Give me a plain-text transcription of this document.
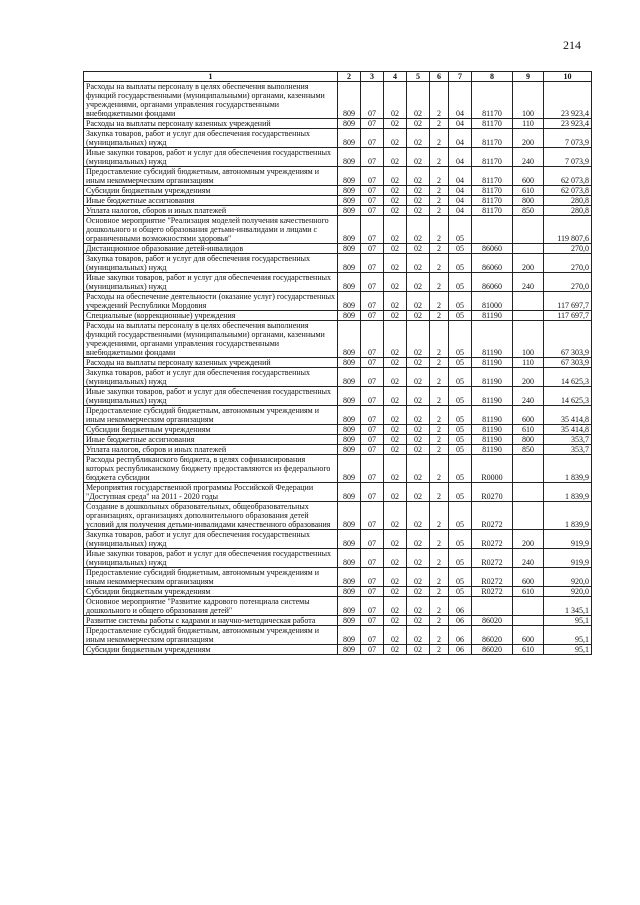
214
1	2	3	4	5	6	7	8	9	10
Расходы на выплаты персоналу в целях обеспечения выполнения функций государственными (муниципальными) органами, казенными учреждениями, органами управления государственными внебюджетными фондами	809	07	02	02	2	04	81170	100	23 923,4
Расходы на выплаты персоналу казенных учреждений	809	07	02	02	2	04	81170	110	23 923,4
Закупка товаров, работ и услуг для обеспечения государственных (муниципальных) нужд	809	07	02	02	2	04	81170	200	7 073,9
Иные закупки товаров, работ и услуг для обеспечения государственных (муниципальных) нужд	809	07	02	02	2	04	81170	240	7 073,9
Предоставление субсидий бюджетным, автономным учреждениям и иным некоммерческим организациям	809	07	02	02	2	04	81170	600	62 073,8
Субсидии бюджетным учреждениям	809	07	02	02	2	04	81170	610	62 073,8
Иные бюджетные ассигнования	809	07	02	02	2	04	81170	800	280,8
Уплата налогов, сборов и иных платежей	809	07	02	02	2	04	81170	850	280,8
Основное мероприятие "Реализация моделей получения качественного дошкольного и общего образования детьми-инвалидами и лицами с ограниченными возможностями здоровья"	809	07	02	02	2	05			119 807,6
Дистанционное образование детей-инвалидов	809	07	02	02	2	05	86060		270,0
Закупка товаров, работ и услуг для обеспечения государственных (муниципальных) нужд	809	07	02	02	2	05	86060	200	270,0
Иные закупки товаров, работ и услуг для обеспечения государственных (муниципальных) нужд	809	07	02	02	2	05	86060	240	270,0
Расходы на обеспечение деятельности (оказание услуг) государственных учреждений Республики Мордовия	809	07	02	02	2	05	81000		117 697,7
Специальные (коррекционные) учреждения	809	07	02	02	2	05	81190		117 697,7
Расходы на выплаты персоналу в целях обеспечения выполнения функций государственными (муниципальными) органами, казенными учреждениями, органами управления государственными внебюджетными фондами	809	07	02	02	2	05	81190	100	67 303,9
Расходы на выплаты персоналу казенных учреждений	809	07	02	02	2	05	81190	110	67 303,9
Закупка товаров, работ и услуг для обеспечения государственных (муниципальных) нужд	809	07	02	02	2	05	81190	200	14 625,3
Иные закупки товаров, работ и услуг для обеспечения государственных (муниципальных) нужд	809	07	02	02	2	05	81190	240	14 625,3
Предоставление субсидий бюджетным, автономным учреждениям и иным некоммерческим организациям	809	07	02	02	2	05	81190	600	35 414,8
Субсидии бюджетным учреждениям	809	07	02	02	2	05	81190	610	35 414,8
Иные бюджетные ассигнования	809	07	02	02	2	05	81190	800	353,7
Уплата налогов, сборов и иных платежей	809	07	02	02	2	05	81190	850	353,7
Расходы республиканского бюджета, в целях софинансирования которых республиканскому бюджету предоставляются из федерального бюджета субсидии	809	07	02	02	2	05	R0000		1 839,9
Мероприятия государственной программы Российской Федерации "Доступная среда" на 2011 - 2020 годы	809	07	02	02	2	05	R0270		1 839,9
Создание в дошкольных образовательных, общеобразовательных организациях, организациях дополнительного образования детей условий для получения детьми-инвалидами качественного образования	809	07	02	02	2	05	R0272		1 839,9
Закупка товаров, работ и услуг для обеспечения государственных (муниципальных) нужд	809	07	02	02	2	05	R0272	200	919,9
Иные закупки товаров, работ и услуг для обеспечения государственных (муниципальных) нужд	809	07	02	02	2	05	R0272	240	919,9
Предоставление субсидий бюджетным, автономным учреждениям и иным некоммерческим организациям	809	07	02	02	2	05	R0272	600	920,0
Субсидии бюджетным учреждениям	809	07	02	02	2	05	R0272	610	920,0
Основное мероприятие "Развитие кадрового потенциала системы дошкольного и общего образования детей"	809	07	02	02	2	06			1 345,1
Развитие системы работы с кадрами и научно-методическая работа	809	07	02	02	2	06	86020		95,1
Предоставление субсидий бюджетным, автономным учреждениям и иным некоммерческим организациям	809	07	02	02	2	06	86020	600	95,1
Субсидии бюджетным учреждениям	809	07	02	02	2	06	86020	610	95,1
